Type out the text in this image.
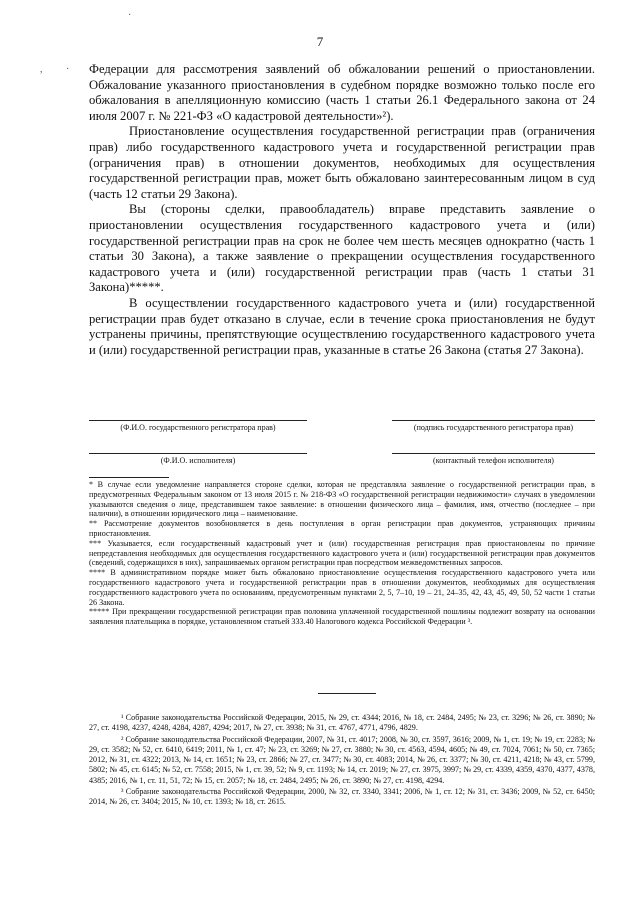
·
, ·
7

Федерации для рассмотрения заявлений об обжаловании решений о приостановлении. Обжалование указанного приостановления в судебном порядке возможно только после его обжалования в апелляционную комиссию (часть 1 статьи 26.1 Федерального закона от 24 июля 2007 г. № 221-ФЗ «О кадастровой деятельности»²).

Приостановление осуществления государственной регистрации прав (ограничения прав) либо государственного кадастрового учета и государственной регистрации прав (ограничения прав) в отношении документов, необходимых для осуществления государственной регистрации прав, может быть обжаловано заинтересованным лицом в суд (часть 12 статьи 29 Закона).

Вы (стороны сделки, правообладатель) вправе представить заявление о приостановлении осуществления государственного кадастрового учета и (или) государственной регистрации прав на срок не более чем шесть месяцев однократно (часть 1 статьи 30 Закона), а также заявление о прекращении осуществления государственного кадастрового учета и (или) государственной регистрации прав (часть 1 статьи 31 Закона)*****.

В осуществлении государственного кадастрового учета и (или) государственной регистрации прав будет отказано в случае, если в течение срока приостановления не будут устранены причины, препятствующие осуществлению государственного кадастрового учета и (или) государственной регистрации прав, указанные в статье 26 Закона (статья 27 Закона).

(Ф.И.О. государственного регистратора прав)	(подпись государственного регистратора прав)
(Ф.И.О. исполнителя)	(контактный телефон исполнителя)

* В случае если уведомление направляется стороне сделки, которая не представляла заявление о государственной регистрации прав, в предусмотренных Федеральным законом от 13 июля 2015 г. № 218-ФЗ «О государственной регистрации недвижимости» случаях в уведомлении указываются сведения о лице, представившем такое заявление: в отношении физического лица – фамилия, имя, отчество (последнее – при наличии), в отношении юридического лица – наименование.

** Рассмотрение документов возобновляется в день поступления в орган регистрации прав документов, устраняющих причины приостановления.

*** Указывается, если государственный кадастровый учет и (или) государственная регистрация прав приостановлены по причине непредставления необходимых для осуществления государственного кадастрового учета и (или) государственной регистрации прав документов (сведений, содержащихся в них), запрашиваемых органом регистрации прав посредством межведомственных запросов.

**** В административном порядке может быть обжаловано приостановление осуществления государственного кадастрового учета или государственного кадастрового учета и государственной регистрации прав в отношении документов, необходимых для осуществления государственного кадастрового учета по основаниям, предусмотренным пунктами 2, 5, 7–10, 19 – 21, 24–35, 42, 43, 45, 49, 50, 52 части 1 статьи 26 Закона.

***** При прекращении государственной регистрации прав половина уплаченной государственной пошлины подлежит возврату на основании заявления плательщика в порядке, установленном статьей 333.40 Налогового кодекса Российской Федерации ³.

¹ Собрание законодательства Российской Федерации, 2015, № 29, ст. 4344; 2016, № 18, ст. 2484, 2495; № 23, ст. 3296; № 26, ст. 3890; № 27, ст. 4198, 4237, 4248, 4284, 4287, 4294; 2017, № 27, ст. 3938; № 31, ст. 4767, 4771, 4796, 4829.

² Собрание законодательства Российской Федерации, 2007, № 31, ст. 4017; 2008, № 30, ст. 3597, 3616; 2009, № 1, ст. 19; № 19, ст. 2283; № 29, ст. 3582; № 52, ст. 6410, 6419; 2011, № 1, ст. 47; № 23, ст. 3269; № 27, ст. 3880; № 30, ст. 4563, 4594, 4605; № 49, ст. 7024, 7061; № 50, ст. 7365; 2012, № 31, ст. 4322; 2013, № 14, ст. 1651; № 23, ст. 2866; № 27, ст. 3477; № 30, ст. 4083; 2014, № 26, ст. 3377; № 30, ст. 4211, 4218; № 43, ст. 5799, 5802; № 45, ст. 6145; № 52, ст. 7558; 2015, № 1, ст. 39, 52; № 9, ст. 1193; № 14, ст. 2019; № 27, ст. 3975, 3997; № 29, ст. 4339, 4359, 4370, 4377, 4378, 4385; 2016, № 1, ст. 11, 51, 72; № 15, ст. 2057; № 18, ст. 2484, 2495; № 26, ст. 3890; № 27, ст. 4198, 4294.

³ Собрание законодательства Российской Федерации, 2000, № 32, ст. 3340, 3341; 2006, № 1, ст. 12; № 31, ст. 3436; 2009, № 52, ст. 6450; 2014, № 26, ст. 3404; 2015, № 10, ст. 1393; № 18, ст. 2615.
